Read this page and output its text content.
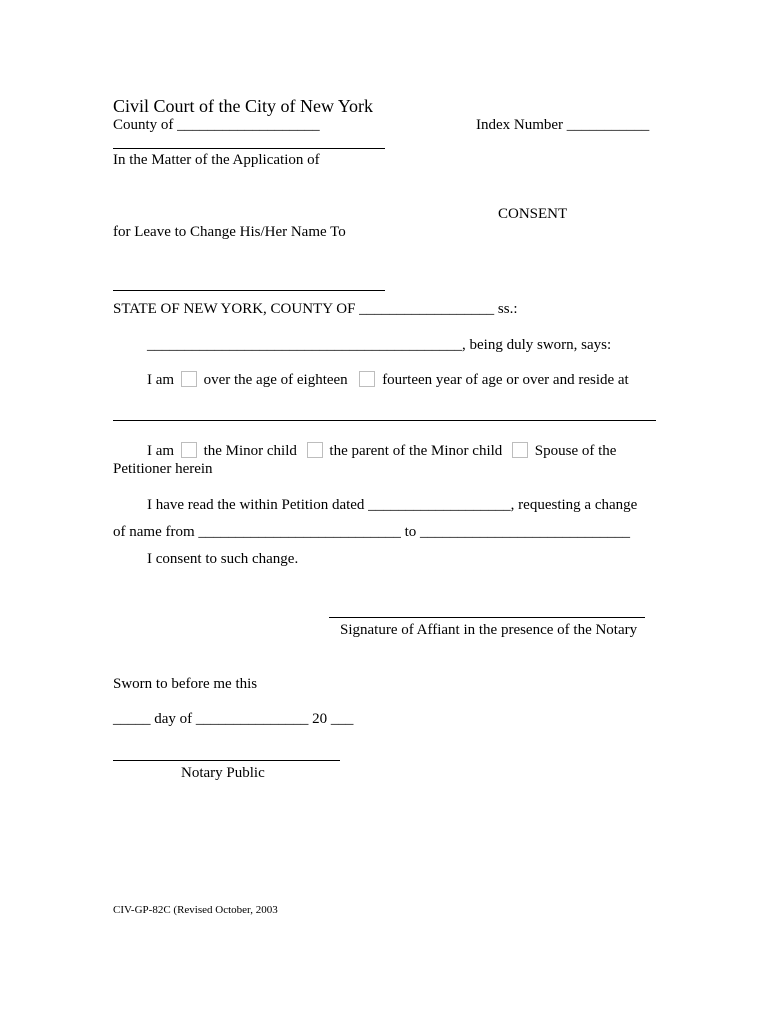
Civil Court of the City of New York
County of ___________________	Index Number ___________
In the Matter of the Application of
CONSENT
for Leave to Change His/Her Name To
STATE OF NEW YORK, COUNTY OF __________________ ss.:
__________________________________________, being duly sworn, says:
I am over the age of eighteen fourteen year of age or over and reside at
I am the Minor child the parent of the Minor child Spouse of the
Petitioner herein
I have read the within Petition dated ___________________, requesting a change
of name from ___________________________ to ____________________________
I consent to such change.
Signature of Affiant in the presence of the Notary
Sworn to before me this
_____ day of _______________ 20 ___
Notary Public
CIV-GP-82C (Revised October, 2003
